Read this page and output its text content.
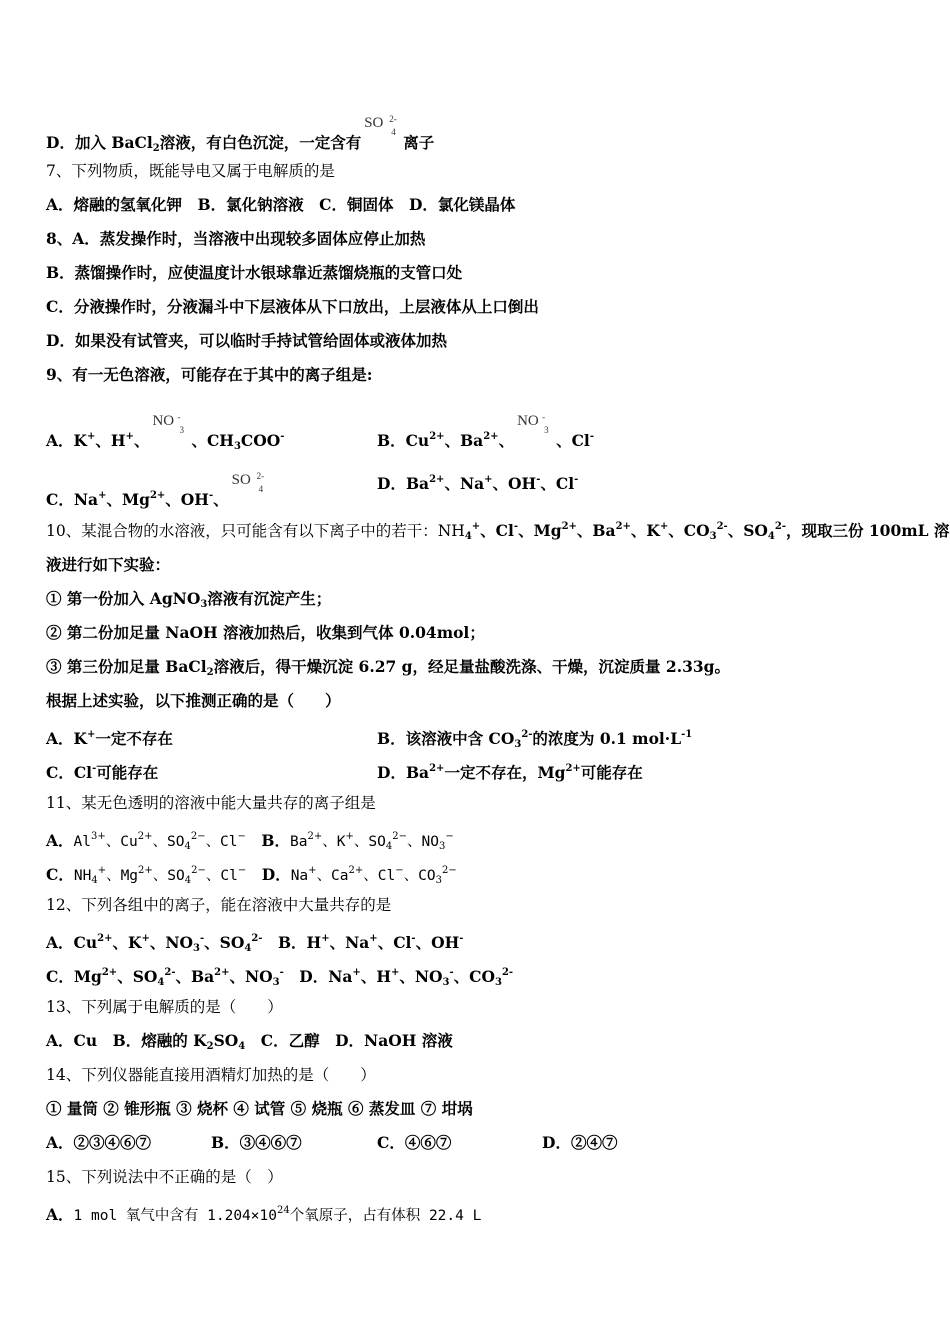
D．加入 BaCl$_2$溶液，有白色沉淀，一定含有
SO 2-
4
离子
7、下列物质，既能导电又属于电解质的是
A．熔融的氢氧化钾　B．氯化钠溶液　C．铜固体　D．氯化镁晶体
8、A．蒸发操作时，当溶液中出现较多固体应停止加热
B．蒸馏操作时，应使温度计水银球靠近蒸馏烧瓶的支管口处
C．分液操作时，分液漏斗中下层液体从下口放出，上层液体从上口倒出
D．如果没有试管夹，可以临时手持试管给固体或液体加热
9、有一无色溶液，可能存在于其中的离子组是:
A．K+、H+、
NO -
3
、$CH_3COO^-$	B．$Cu^{2+}$、$Ba^{2+}$、
NO -
3
、Cl-
C．Na+、$Mg^{2+}$、OH-、
SO 2-
4	D．$Ba^{2+}$、Na+、OH-、Cl-
10、某混合物的水溶液，只可能含有以下离子中的若干：$NH_4^+$、Cl-、$Mg^{2+}$、$Ba^{2+}$、K+、$CO_3^{2-}$、$SO_4^{2-}$，现取三份 100mL 溶
液进行如下实验：
① 第一份加入 AgNO$_3$溶液有沉淀产生；
② 第二份加足量 NaOH 溶液加热后，收集到气体 0.04mol；
③ 第三份加足量 BaCl$_2$溶液后，得干燥沉淀 6.27 g，经足量盐酸洗涤、干燥，沉淀质量 2.33g。
根据上述实验，以下推测正确的是（　　）
A．K+一定不存在	B．该溶液中含 $CO_3^{2-}$的浓度为 0.1 $mol\cdot L^{-1}$
C．Cl-可能存在	D．$Ba^{2+}$一定不存在，$Mg^{2+}$可能存在
11、某无色透明的溶液中能大量共存的离子组是
A．$Al^{3+}$、$Cu^{2+}$、$SO_4^{2-}$、Cl−　B．$Ba^{2+}$、K+、$SO_4^{2-}$、$NO_3^-$
C．$NH_4^+$、$Mg^{2+}$、$SO_4^{2-}$、Cl−　D．Na+、$Ca^{2+}$、Cl−、$CO_3^{2-}$
12、下列各组中的离子，能在溶液中大量共存的是
A．$Cu^{2+}$、K+、$NO_3^-$、$SO_4^{2-}$　B．H+、Na+、Cl-、OH-
C．$Mg^{2+}$、$SO_4^{2-}$、$Ba^{2+}$、$NO_3^-$　D．Na+、H+、$NO_3^-$、$CO_3^{2-}$
13、下列属于电解质的是（　　）
A．Cu　B．熔融的 $K_2SO_4$　C．乙醇　D．NaOH 溶液
14、下列仪器能直接用酒精灯加热的是（　　）
① 量筒 ② 锥形瓶 ③ 烧杯 ④ 试管 ⑤ 烧瓶 ⑥ 蒸发皿 ⑦ 坩埚
A．②③④⑥⑦	B．③④⑥⑦	C．④⑥⑦	D．②④⑦
15、下列说法中不正确的是（　）
A．1 mol 氧气中含有 $1.204\times 10^{24}$个氧原子，占有体积 22.4 L
